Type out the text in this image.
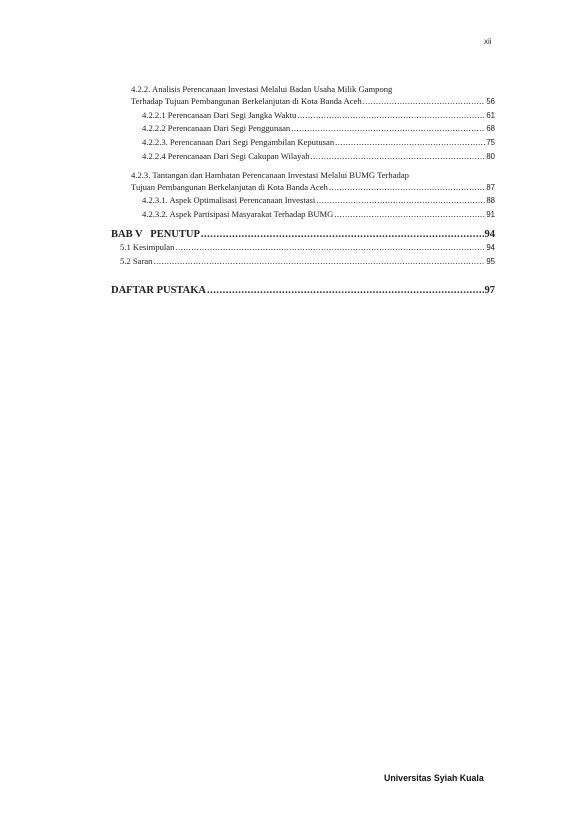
xii
4.2.2. Analisis Perencanaan Investasi Melalui Badan Usaha Milik Gampong
Terhadap Tujuan Pembangunan Berkelanjutan di Kota Banda Aceh .....	56
4.2.2.1 Perencanaan Dari Segi Jangka Waktu .....	61
4.2.2.2 Perencanaan Dari Segi Penggunaan .....	68
4.2.2.3. Perencanaan Dari Segi Pengambilan Keputusan .....	75
4.2.2.4 Perencanaan Dari Segi Cakupan Wilayah .....	80
4.2.3. Tantangan dan Hambatan Perencanaan Investasi Melalui BUMG Terhadap
Tujuan Pembangunan Berkelanjutan di Kota Banda Aceh .....	87
4.2.3.1. Aspek Optimalisasi Perencanaan Investasi .....	88
4.2.3.2. Aspek Partisipasi Masyarakat Terhadap BUMG .....	91
BAB V   PENUTUP .....	94
5.1 Kesimpulan .....	94
5.2 Saran .....	95
DAFTAR PUSTAKA .....	97
Universitas Syiah Kuala
